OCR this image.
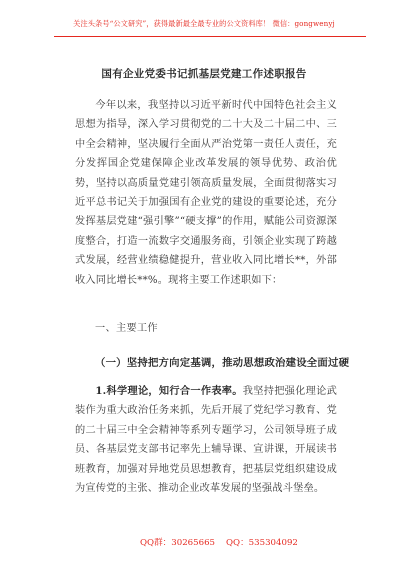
关注头条号“公文研究”，获得最新最全最专业的公文资料库！ 微信：gongwenyj
国有企业党委书记抓基层党建工作述职报告

今年以来，我坚持以习近平新时代中国特色社会主义思想为指导，深入学习贯彻党的二十大及二十届二中、三中全会精神，坚决履行全面从严治党第一责任人责任，充分发挥国企党建保障企业改革发展的领导优势、政治优势，坚持以高质量党建引领高质量发展，全面贯彻落实习近平总书记关于加强国有企业党的建设的重要论述，充分发挥基层党建“强引擎”“硬支撑”的作用，赋能公司资源深度整合，打造一流数字交通服务商，引领企业实现了跨越式发展，经营业绩稳健提升，营业收入同比增长**，外部收入同比增长**%。现将主要工作述职如下：

一、主要工作
（一）坚持把方向定基调，推动思想政治建设全面过硬

1.科学理论，知行合一作表率。我坚持把强化理论武装作为重大政治任务来抓，先后开展了党纪学习教育、党的二十届三中全会精神等系列专题学习，公司领导班子成员、各基层党支部书记率先上辅导课、宣讲课，开展读书班教育，加强对异地党员思想教育，把基层党组织建设成为宣传党的主张、推动企业改革发展的坚强战斗堡垒。

QQ群：30265665 QQ：535304092
